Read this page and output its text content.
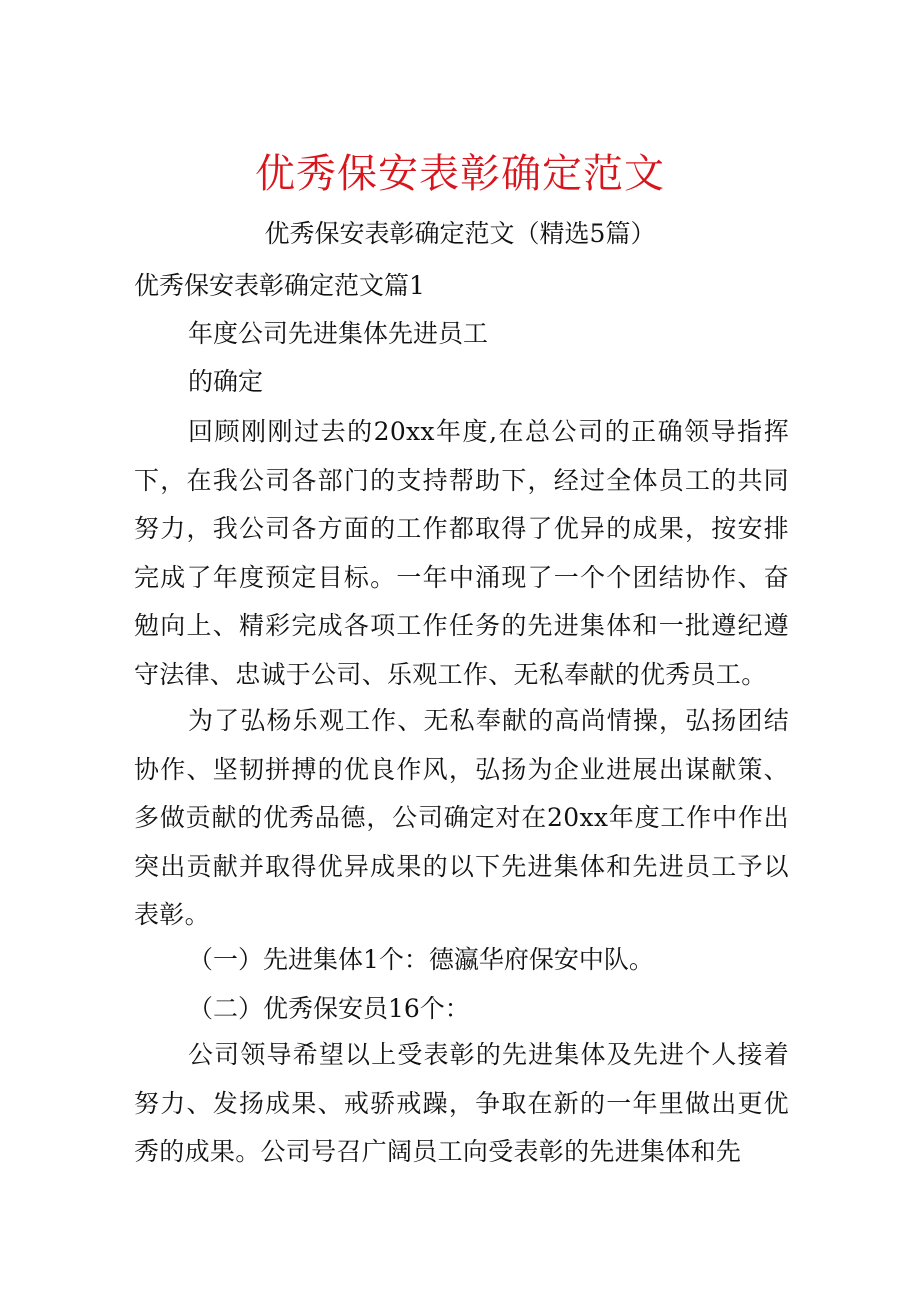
优秀保安表彰确定范文
优秀保安表彰确定范文（精选5篇）
优秀保安表彰确定范文篇1
年度公司先进集体先进员工
的确定
回顾刚刚过去的20xx年度,在总公司的正确领导指挥下，在我公司各部门的支持帮助下，经过全体员工的共同努力，我公司各方面的工作都取得了优异的成果，按安排完成了年度预定目标。一年中涌现了一个个团结协作、奋勉向上、精彩完成各项工作任务的先进集体和一批遵纪遵守法律、忠诚于公司、乐观工作、无私奉献的优秀员工。
为了弘杨乐观工作、无私奉献的高尚情操，弘扬团结协作、坚韧拼搏的优良作风，弘扬为企业进展出谋献策、多做贡献的优秀品德，公司确定对在20xx年度工作中作出突出贡献并取得优异成果的以下先进集体和先进员工予以表彰。
（一）先进集体1个：德瀛华府保安中队。
（二）优秀保安员16个：
公司领导希望以上受表彰的先进集体及先进个人接着努力、发扬成果、戒骄戒躁，争取在新的一年里做出更优秀的成果。公司号召广阔员工向受表彰的先进集体和先
